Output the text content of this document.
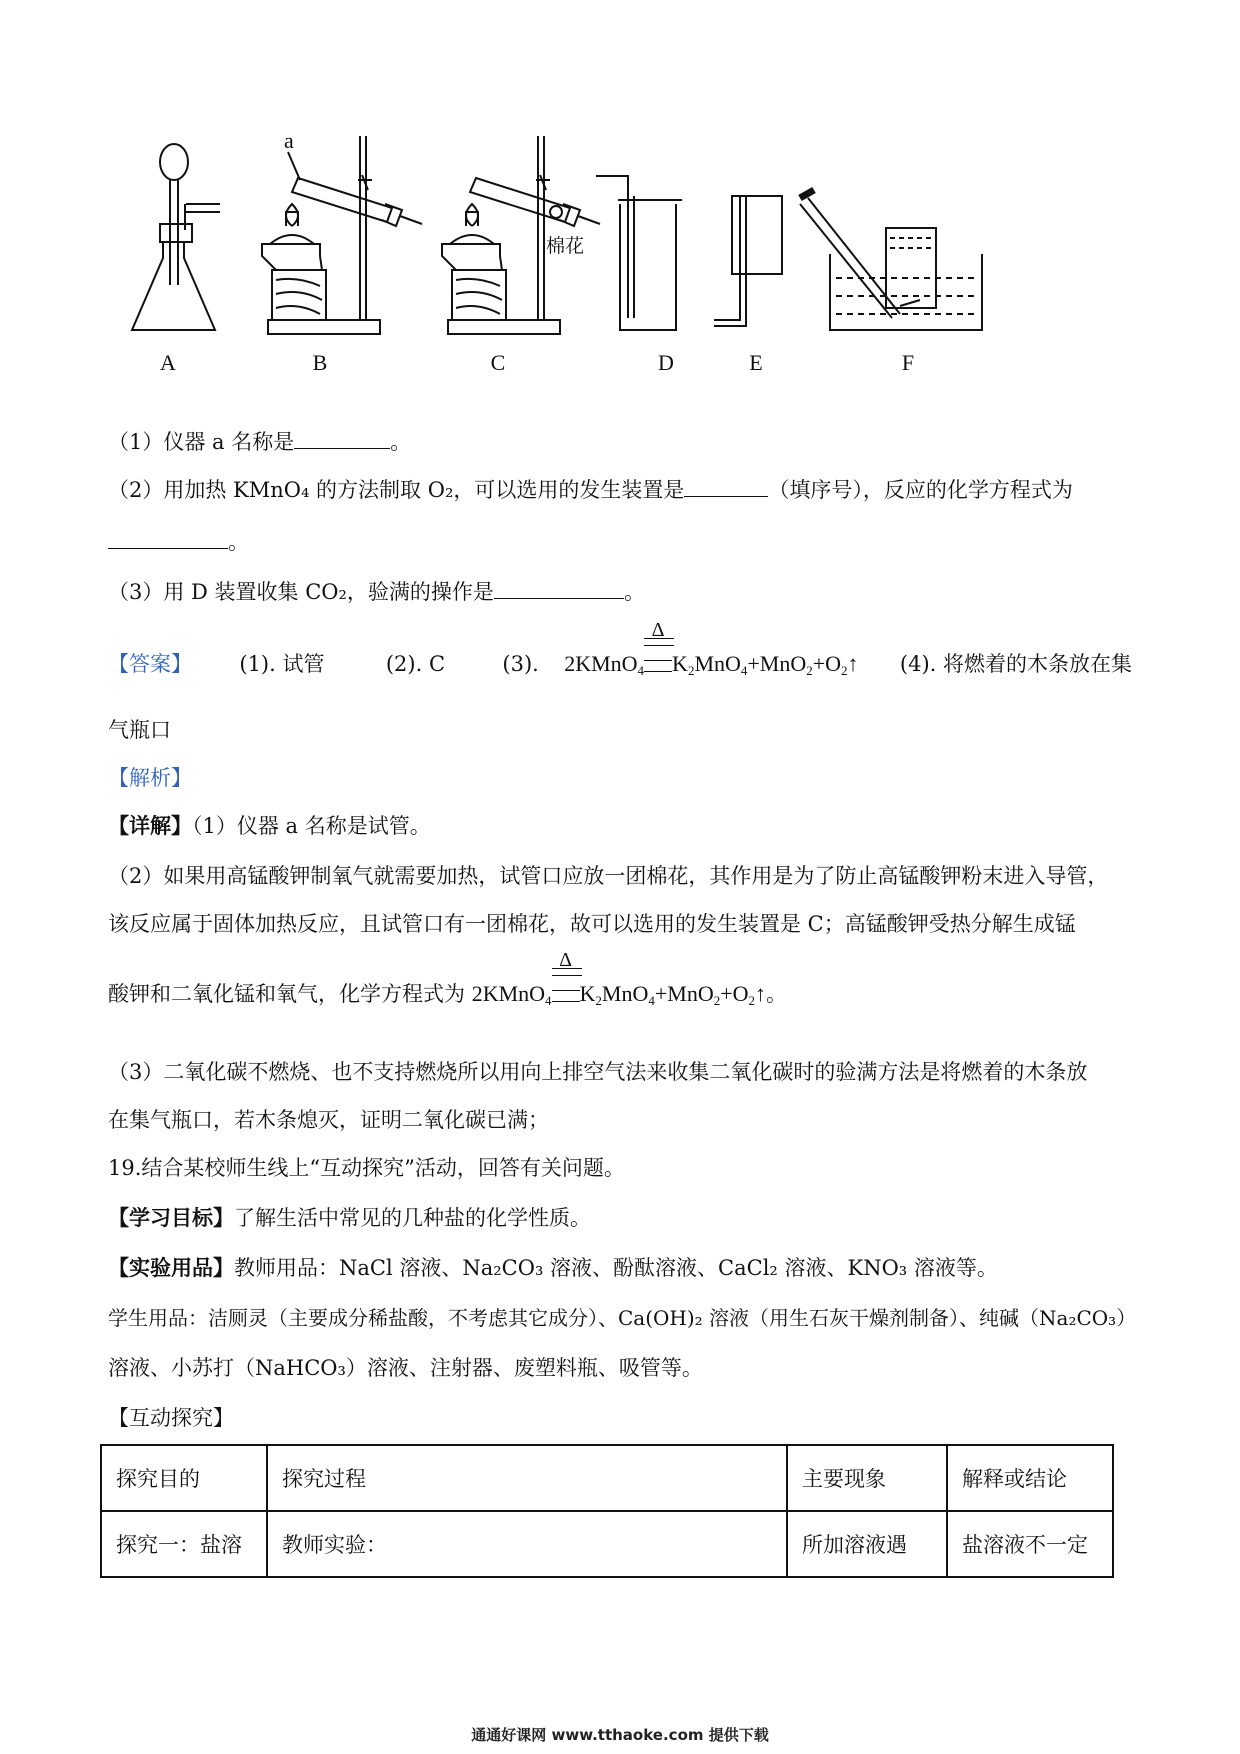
a
棉花
A	B	C	D	E	F
（1）仪器 a 名称是	。
（2）用加热 KMnO₄ 的方法制取 O₂，可以选用的发生装置是	（填序号），反应的化学方程式为
。
（3）用 D 装置收集 CO₂，验满的操作是	。
【答案】 (1). 试管	(2). C	(3). 2KMnO$_4$
Δ
$K_2MnO_4+MnO_2+O_2↑$ (4). 将燃着的木条放在集
气瓶口
【解析】
【详解】（1）仪器 a 名称是试管。
（2）如果用高锰酸钾制氧气就需要加热，试管口应放一团棉花，其作用是为了防止高锰酸钾粉末进入导管，
该反应属于固体加热反应，且试管口有一团棉花，故可以选用的发生装置是 C；高锰酸钾受热分解生成锰
酸钾和二氧化锰和氧气，化学方程式为 2KMnO$_4$
Δ
$K_2MnO_4+MnO_2+O_2↑$。
（3）二氧化碳不燃烧、也不支持燃烧所以用向上排空气法来收集二氧化碳时的验满方法是将燃着的木条放
在集气瓶口，若木条熄灭，证明二氧化碳已满；
19.结合某校师生线上“互动探究”活动，回答有关问题。
【学习目标】了解生活中常见的几种盐的化学性质。
【实验用品】教师用品：NaCl 溶液、Na₂CO₃ 溶液、酚酞溶液、CaCl₂ 溶液、KNO₃ 溶液等。
学生用品：洁厕灵（主要成分稀盐酸，不考虑其它成分）、Ca(OH)₂ 溶液（用生石灰干燥剂制备）、纯碱（Na₂CO₃）
溶液、小苏打（NaHCO₃）溶液、注射器、废塑料瓶、吸管等。
【互动探究】
探究目的	探究过程	主要现象	解释或结论
探究一：盐溶	教师实验：	所加溶液遇	盐溶液不一定
通通好课网 www.tthaoke.com 提供下载
